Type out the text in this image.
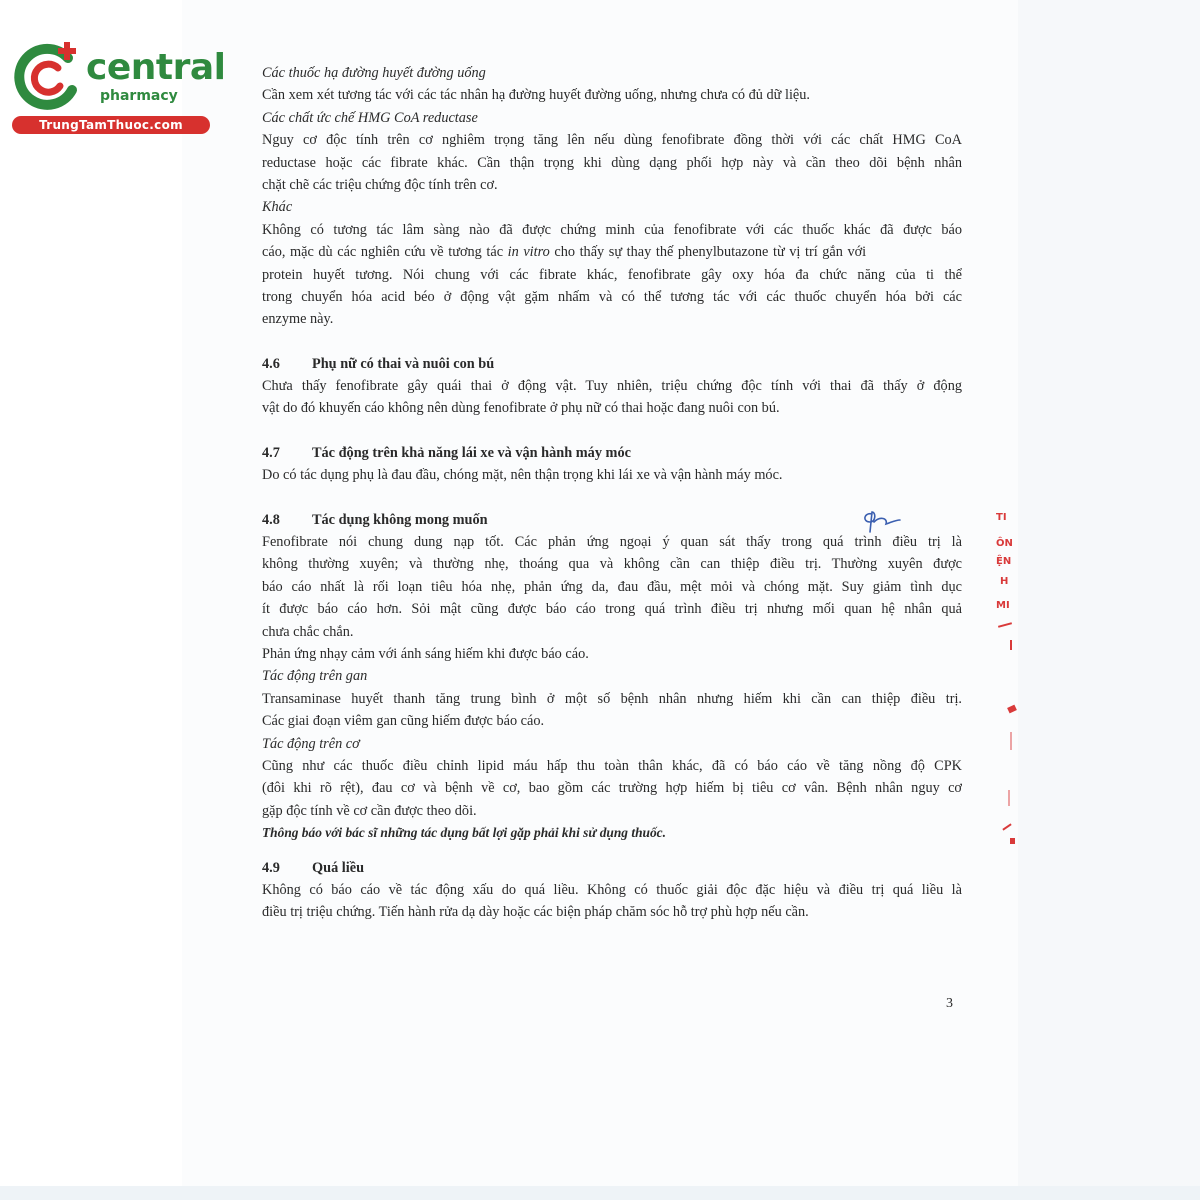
central
pharmacy
TrungTamThuoc.com
Các thuốc hạ đường huyết đường uống
Cần xem xét tương tác với các tác nhân hạ đường huyết đường uống, nhưng chưa có đủ dữ liệu.
Các chất ức chế HMG CoA reductase
Nguy cơ độc tính trên cơ nghiêm trọng tăng lên nếu dùng fenofibrate đồng thời với các chất HMG CoA
reductase hoặc các fibrate khác. Cần thận trọng khi dùng dạng phối hợp này và cần theo dõi bệnh nhân
chặt chẽ các triệu chứng độc tính trên cơ.
Khác
Không có tương tác lâm sàng nào đã được chứng minh của fenofibrate với các thuốc khác đã được báo
cáo, mặc dù các nghiên cứu về tương tác in vitro cho thấy sự thay thế phenylbutazone từ vị trí gắn với
protein huyết tương. Nói chung với các fibrate khác, fenofibrate gây oxy hóa đa chức năng của ti thể
trong chuyển hóa acid béo ở động vật gặm nhấm và có thể tương tác với các thuốc chuyển hóa bởi các
enzyme này.
4.6 Phụ nữ có thai và nuôi con bú
Chưa thấy fenofibrate gây quái thai ở động vật. Tuy nhiên, triệu chứng độc tính với thai đã thấy ở động
vật do đó khuyến cáo không nên dùng fenofibrate ở phụ nữ có thai hoặc đang nuôi con bú.
4.7 Tác động trên khả năng lái xe và vận hành máy móc
Do có tác dụng phụ là đau đầu, chóng mặt, nên thận trọng khi lái xe và vận hành máy móc.
4.8 Tác dụng không mong muốn
Fenofibrate nói chung dung nạp tốt. Các phản ứng ngoại ý quan sát thấy trong quá trình điều trị là
không thường xuyên; và thường nhẹ, thoáng qua và không cần can thiệp điều trị. Thường xuyên được
báo cáo nhất là rối loạn tiêu hóa nhẹ, phản ứng da, đau đầu, mệt mỏi và chóng mặt. Suy giảm tình dục
ít được báo cáo hơn. Sỏi mật cũng được báo cáo trong quá trình điều trị nhưng mối quan hệ nhân quả
chưa chắc chắn.
Phản ứng nhạy cảm với ánh sáng hiếm khi được báo cáo.
Tác động trên gan
Transaminase huyết thanh tăng trung bình ở một số bệnh nhân nhưng hiếm khi cần can thiệp điều trị.
Các giai đoạn viêm gan cũng hiếm được báo cáo.
Tác động trên cơ
Cũng như các thuốc điều chỉnh lipid máu hấp thu toàn thân khác, đã có báo cáo về tăng nồng độ CPK
(đôi khi rõ rệt), đau cơ và bệnh về cơ, bao gồm các trường hợp hiếm bị tiêu cơ vân. Bệnh nhân nguy cơ
gặp độc tính về cơ cần được theo dõi.
Thông báo với bác sĩ những tác dụng bất lợi gặp phải khi sử dụng thuốc.
4.9 Quá liều
Không có báo cáo về tác động xấu do quá liều. Không có thuốc giải độc đặc hiệu và điều trị quá liều là
điều trị triệu chứng. Tiến hành rửa dạ dày hoặc các biện pháp chăm sóc hỗ trợ phù hợp nếu cần.
3
TI
ÔN
ỆN
H
MI
